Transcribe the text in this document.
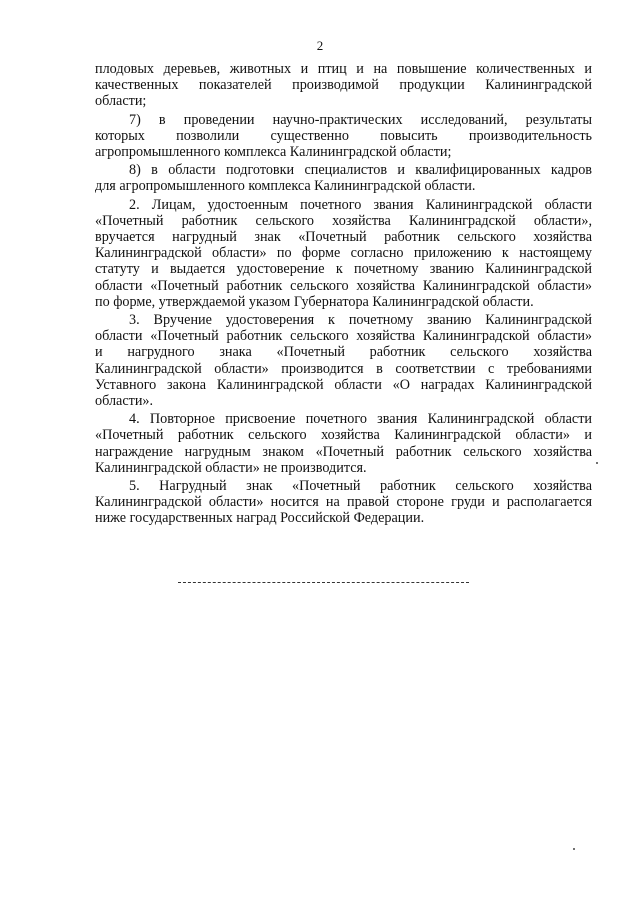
2
плодовых деревьев, животных и птиц и на повышение количественных и
качественных показателей производимой продукции Калининградской
области;
7) в проведении научно-практических исследований, результаты
которых позволили существенно повысить производительность
агропромышленного комплекса Калининградской области;
8) в области подготовки специалистов и квалифицированных кадров
для агропромышленного комплекса Калининградской области.
2. Лицам, удостоенным почетного звания Калининградской области
«Почетный работник сельского хозяйства Калининградской области»,
вручается нагрудный знак «Почетный работник сельского хозяйства
Калининградской области» по форме согласно приложению к настоящему
статуту и выдается удостоверение к почетному званию Калининградской
области «Почетный работник сельского хозяйства Калининградской области»
по форме, утверждаемой указом Губернатора Калининградской области.
3. Вручение удостоверения к почетному званию Калининградской
области «Почетный работник сельского хозяйства Калининградской области»
и нагрудного знака «Почетный работник сельского хозяйства
Калининградской области» производится в соответствии с требованиями
Уставного закона Калининградской области «О наградах Калининградской
области».
4. Повторное присвоение почетного звания Калининградской области
«Почетный работник сельского хозяйства Калининградской области» и
награждение нагрудным знаком «Почетный работник сельского хозяйства
Калининградской области» не производится.
5. Нагрудный знак «Почетный работник сельского хозяйства
Калининградской области» носится на правой стороне груди и располагается
ниже государственных наград Российской Федерации.
